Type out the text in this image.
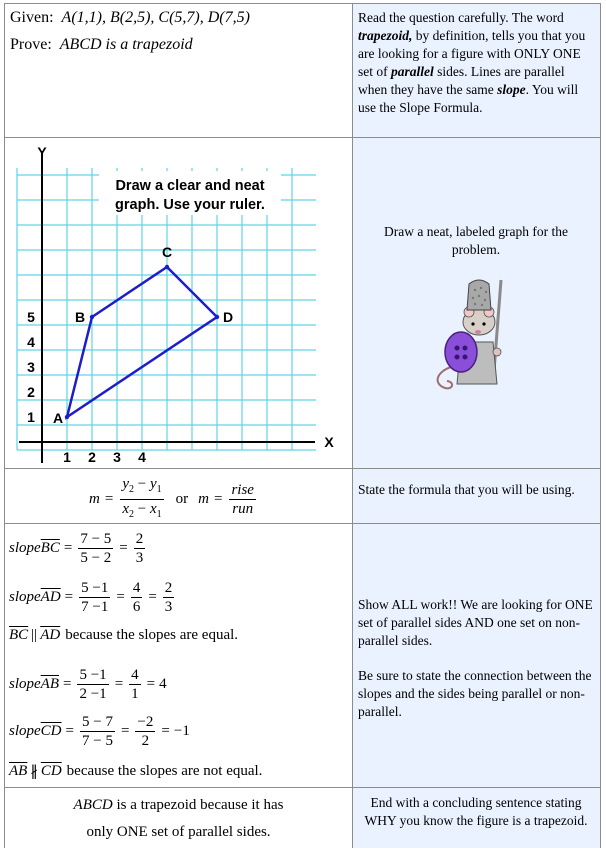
Given: A(1,1), B(2,5), C(5,7), D(7,5)
Prove: ABCD is a trapezoid
Read the question carefully. The word trapezoid, by definition, tells you that you are looking for a figure with ONLY ONE set of parallel sides. Lines are parallel when they have the same slope. You will use the Slope Formula.
Y
X
1 2 3 4
1
2
3
4
5
A
B
C
D
Draw a clear and neat
graph. Use your ruler.
Draw a neat, labeled graph for the problem.
$m = \frac{y_2 - y_1}{x_2 - x_1}$ or $m = \frac{\text{rise}}{\text{run}}$	State the formula that you will be using.
slope $\overline{BC} = \frac{7 - 5}{5 - 2} = \frac{2}{3}$
slope $\overline{AD} = \frac{5 -1}{7 -1} = \frac{4}{6} = \frac{2}{3}$
$\overline{BC}$ || $\overline{AD}$ because the slopes are equal.
slope $\overline{AB} = \frac{5 -1}{2 -1} = \frac{4}{1} = 4$
slope $\overline{CD} = \frac{5 - 7}{7 - 5} = \frac{-2}{2} = -1$
$\overline{AB}$ ∦ $\overline{CD}$ because the slopes are not equal.
Show ALL work!! We are looking for ONE set of parallel sides AND one set on non-parallel sides.
Be sure to state the connection between the slopes and the sides being parallel or non-parallel.
ABCD is a trapezoid because it has
only ONE set of parallel sides.
End with a concluding sentence stating WHY you know the figure is a trapezoid.
